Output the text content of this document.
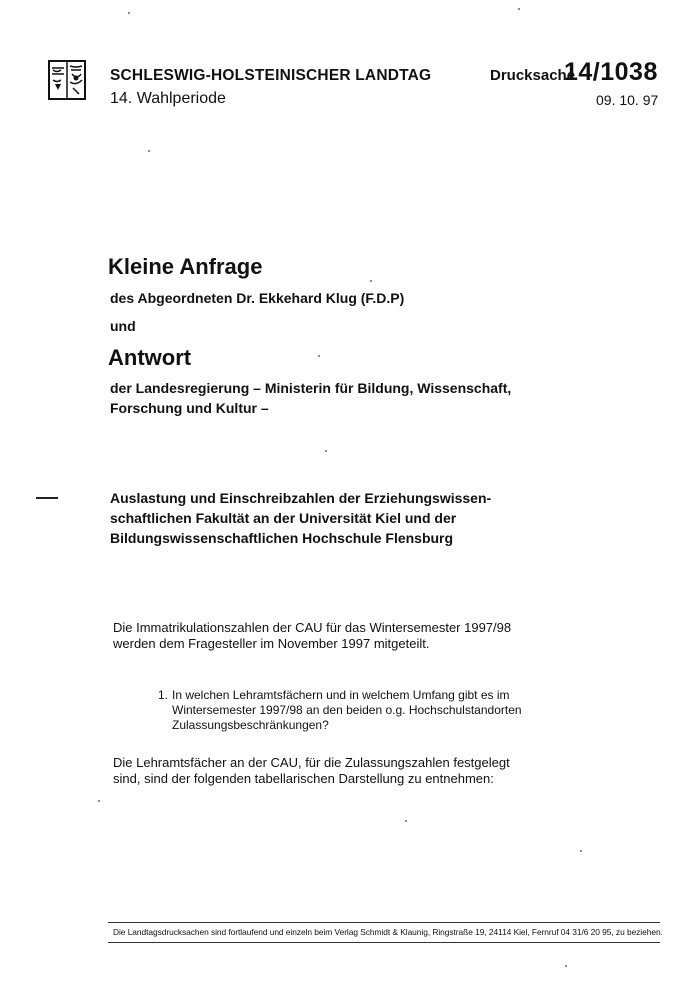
SCHLESWIG-HOLSTEINISCHER LANDTAG
14. Wahlperiode
Drucksache
14/1038
09. 10. 97
Kleine Anfrage
des Abgeordneten Dr. Ekkehard Klug (F.D.P)
und
Antwort
der Landesregierung – Ministerin für Bildung, Wissenschaft,
Forschung und Kultur –
Auslastung und Einschreibzahlen der Erziehungswissen-
schaftlichen Fakultät an der Universität Kiel und der
Bildungswissenschaftlichen Hochschule Flensburg
Die Immatrikulationszahlen der CAU für das Wintersemester 1997/98
werden dem Fragesteller im November 1997 mitgeteilt.
1. In welchen Lehramtsfächern und in welchem Umfang gibt es im
Wintersemester 1997/98 an den beiden o.g. Hochschulstandorten
Zulassungsbeschränkungen?
Die Lehramtsfächer an der CAU, für die Zulassungszahlen festgelegt
sind, sind der folgenden tabellarischen Darstellung zu entnehmen:
Die Landtagsdrucksachen sind fortlaufend und einzeln beim Verlag Schmidt & Klaunig, Ringstraße 19, 24114 Kiel, Fernruf 04 31/6 20 95, zu beziehen.
